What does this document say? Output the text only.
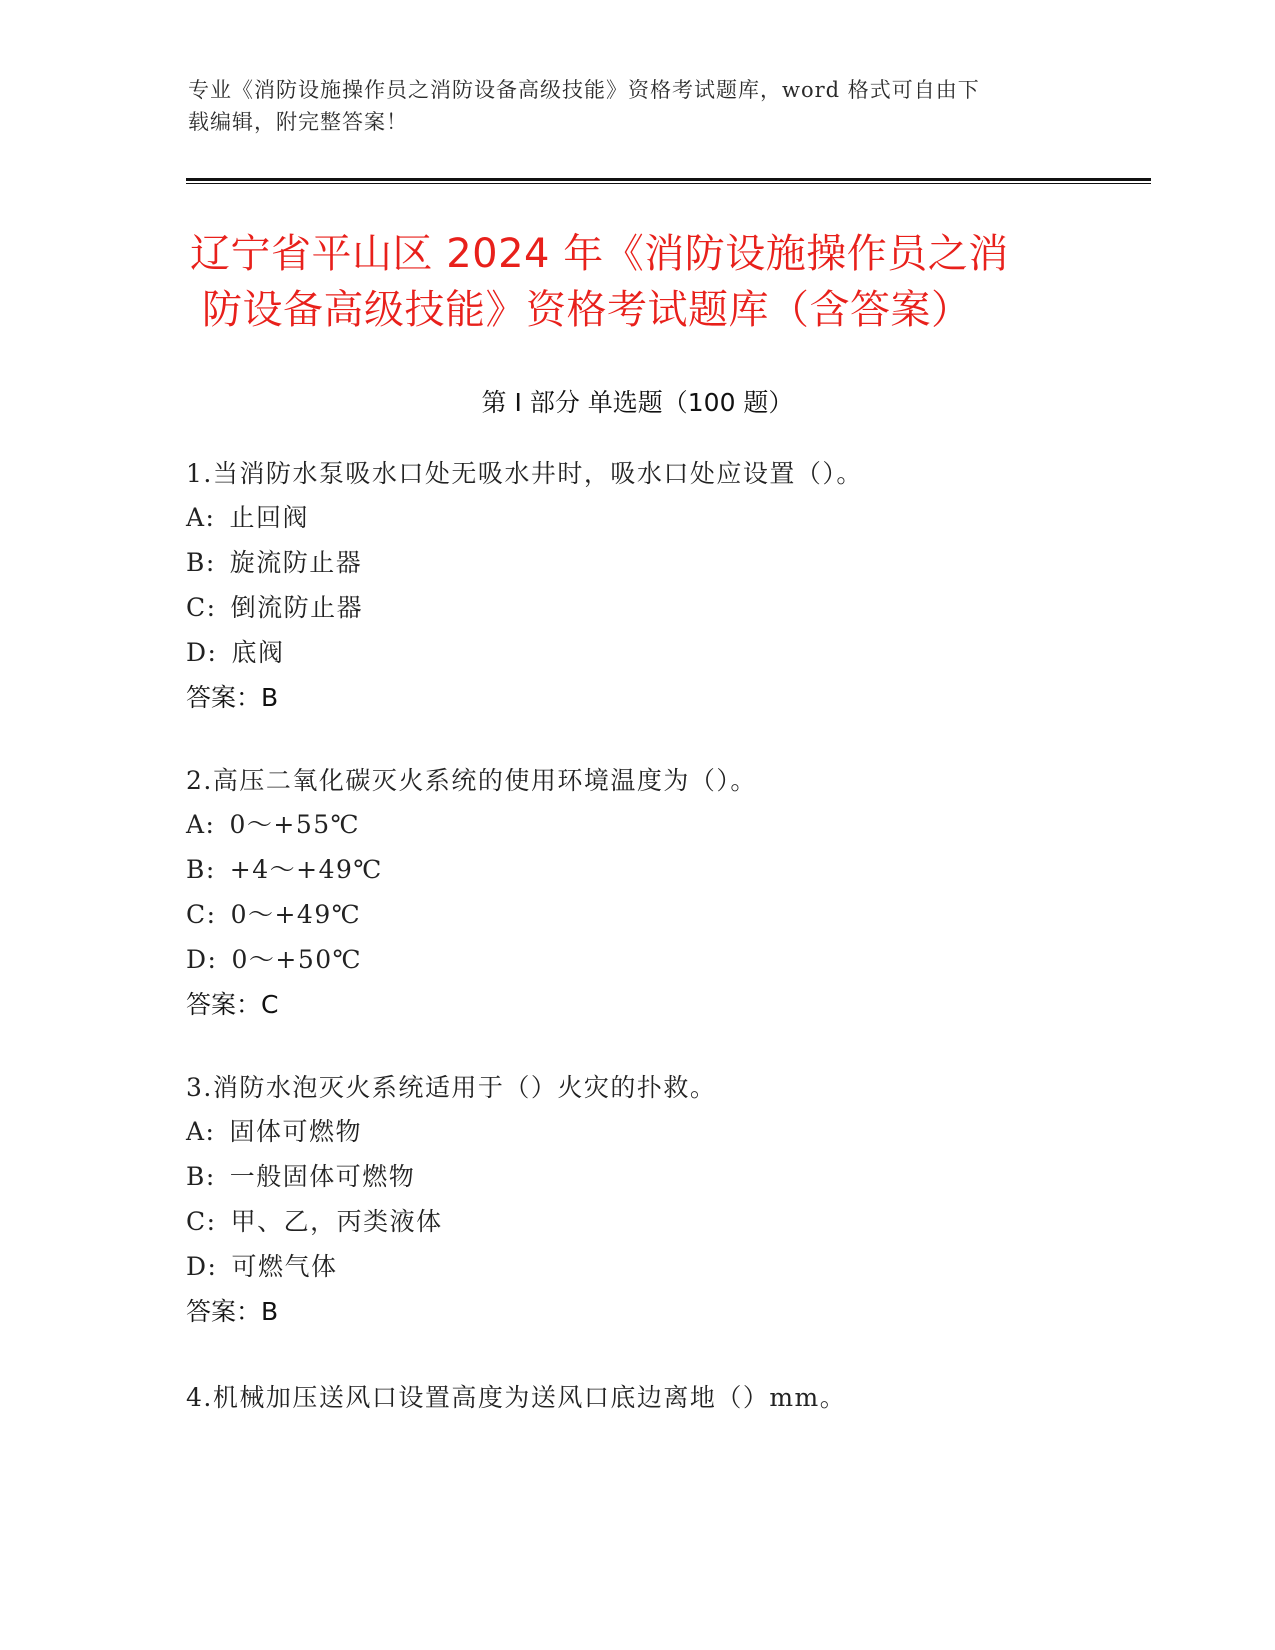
专业《消防设施操作员之消防设备高级技能》资格考试题库，word 格式可自由下
载编辑，附完整答案！
辽宁省平山区 2024 年《消防设施操作员之消
防设备高级技能》资格考试题库（含答案）
第 I 部分 单选题（100 题）
1.当消防水泵吸水口处无吸水井时，吸水口处应设置（）。
A: 止回阀
B: 旋流防止器
C: 倒流防止器
D: 底阀
答案：B
2.高压二氧化碳灭火系统的使用环境温度为（）。
A: 0～+55℃
B: +4～+49℃
C: 0～+49℃
D: 0～+50℃
答案：C
3.消防水泡灭火系统适用于（）火灾的扑救。
A: 固体可燃物
B: 一般固体可燃物
C: 甲、乙，丙类液体
D: 可燃气体
答案：B
4.机械加压送风口设置高度为送风口底边离地（）mm。
